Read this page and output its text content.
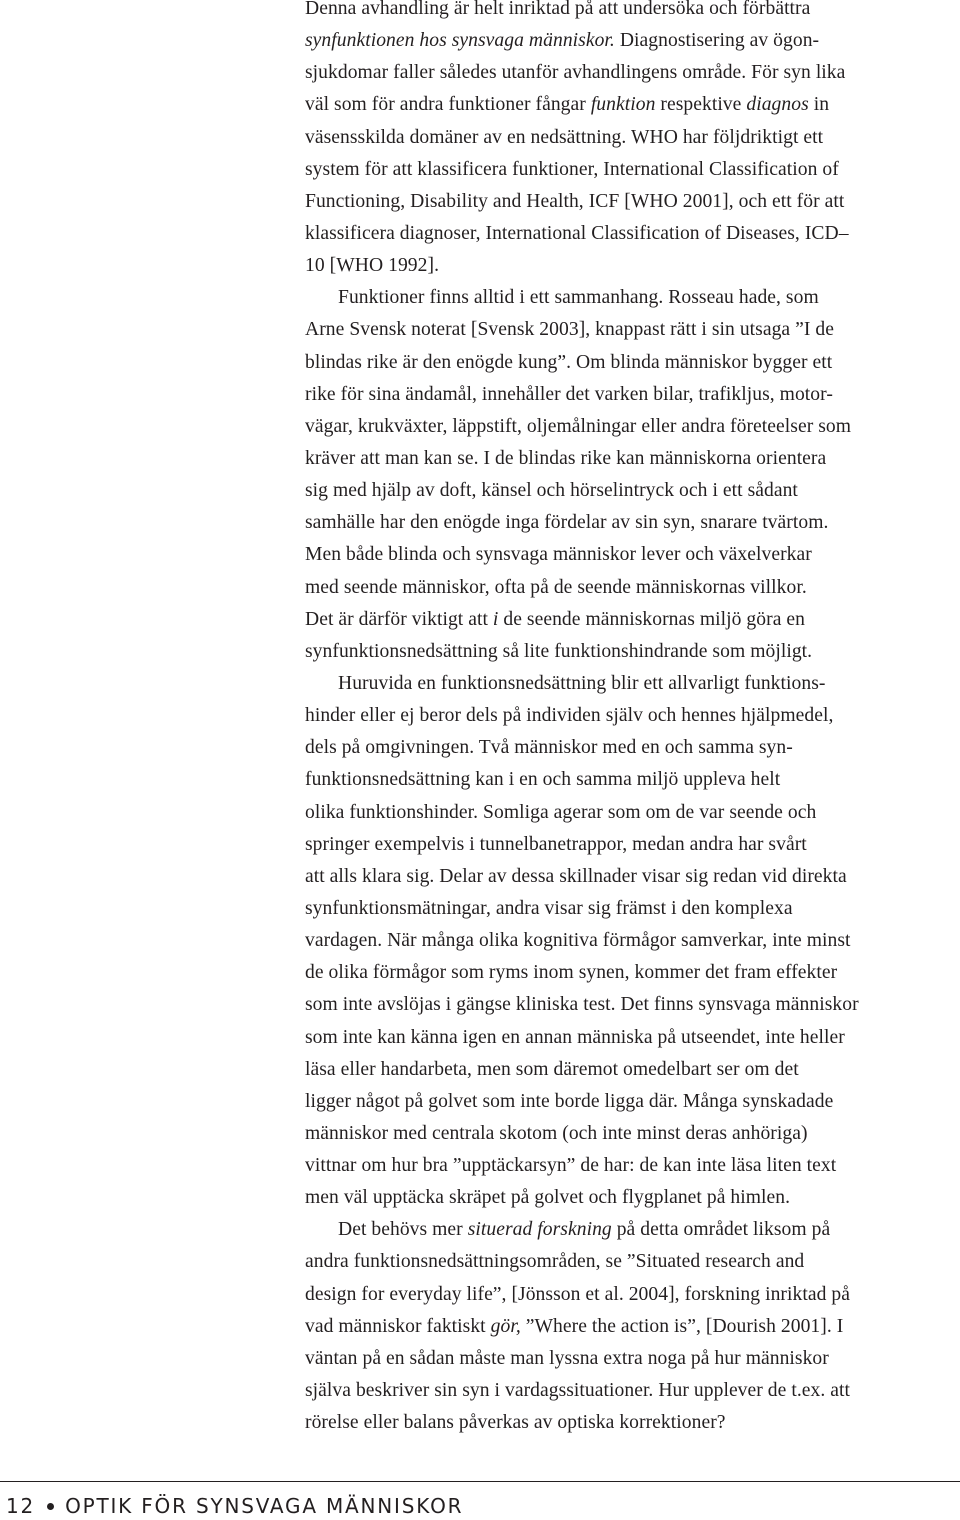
Denna avhandling är helt inriktad på att undersöka och förbättra
synfunktionen hos synsvaga människor. Diagnostisering av ögon-
sjukdomar faller således utanför avhandlingens område. För syn lika
väl som för andra funktioner fångar funktion respektive diagnos in
väsensskilda domäner av en nedsättning. WHO har följdriktigt ett
system för att klassificera funktioner, International Classification of
Functioning, Disability and Health, ICF [WHO 2001], och ett för att
klassificera diagnoser, International Classification of Diseases, ICD–
10 [WHO 1992].
Funktioner finns alltid i ett sammanhang. Rosseau hade, som
Arne Svensk noterat [Svensk 2003], knappast rätt i sin utsaga ”I de
blindas rike är den enögde kung”. Om blinda människor bygger ett
rike för sina ändamål, innehåller det varken bilar, trafikljus, motor-
vägar, krukväxter, läppstift, oljemålningar eller andra företeelser som
kräver att man kan se. I de blindas rike kan människorna orientera
sig med hjälp av doft, känsel och hörselintryck och i ett sådant
samhälle har den enögde inga fördelar av sin syn, snarare tvärtom.
Men både blinda och synsvaga människor lever och växelverkar
med seende människor, ofta på de seende människornas villkor.
Det är därför viktigt att i de seende människornas miljö göra en
synfunktionsnedsättning så lite funktionshindrande som möjligt.
Huruvida en funktionsnedsättning blir ett allvarligt funktions-
hinder eller ej beror dels på individen själv och hennes hjälpmedel,
dels på omgivningen. Två människor med en och samma syn-
funktionsnedsättning kan i en och samma miljö uppleva helt
olika funktionshinder. Somliga agerar som om de var seende och
springer exempelvis i tunnelbanetrappor, medan andra har svårt
att alls klara sig. Delar av dessa skillnader visar sig redan vid direkta
synfunktionsmätningar, andra visar sig främst i den komplexa
vardagen. När många olika kognitiva förmågor samverkar, inte minst
de olika förmågor som ryms inom synen, kommer det fram effekter
som inte avslöjas i gängse kliniska test. Det finns synsvaga människor
som inte kan känna igen en annan människa på utseendet, inte heller
läsa eller handarbeta, men som däremot omedelbart ser om det
ligger något på golvet som inte borde ligga där. Många synskadade
människor med centrala skotom (och inte minst deras anhöriga)
vittnar om hur bra ”upptäckarsyn” de har: de kan inte läsa liten text
men väl upptäcka skräpet på golvet och flygplanet på himlen.
Det behövs mer situerad forskning på detta området liksom på
andra funktionsnedsättningsområden, se ”Situated research and
design for everyday life”, [Jönsson et al. 2004], forskning inriktad på
vad människor faktiskt gör, ”Where the action is”, [Dourish 2001]. I
väntan på en sådan måste man lyssna extra noga på hur människor
själva beskriver sin syn i vardagssituationer. Hur upplever de t.ex. att
rörelse eller balans påverkas av optiska korrektioner?
12 OPTIK FÖR SYNSVAGA MÄNNISKOR
